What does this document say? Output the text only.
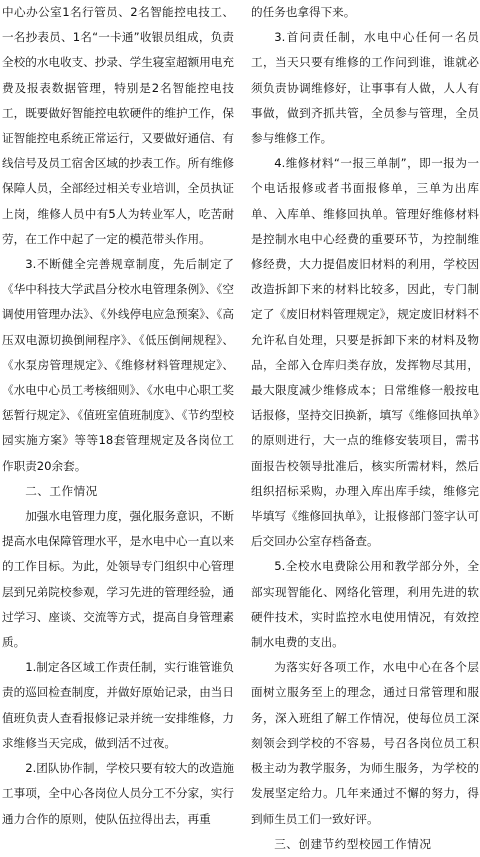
中心办公室1名行管员、2名智能控电技工、一名抄表员、1名“一卡通”收银员组成，负责全校的水电收支、抄录、学生寝室超额用电充费及报表数据管理，特别是2名智能控电技工，既要做好智能控电软硬件的维护工作，保证智能控电系统正常运行，又要做好通信、有线信号及员工宿舍区域的抄表工作。所有维修保障人员，全部经过相关专业培训，全员执证上岗，维修人员中有5人为转业军人，吃苦耐劳，在工作中起了一定的模范带头作用。

3.不断健全完善规章制度，先后制定了《华中科技大学武昌分校水电管理条例》、《空调使用管理办法》、《外线停电应急预案》、《高压双电源切换倒闸程序》、《低压倒闸规程》、《水泵房管理规定》、《维修材料管理规定》、《水电中心员工考核细则》、《水电中心职工奖惩暂行规定》、《值班室值班制度》、《节约型校园实施方案》等等18套管理规定及各岗位工作职责20余套。

二、工作情况

加强水电管理力度，强化服务意识，不断提高水电保障管理水平，是水电中心一直以来的工作目标。为此，处领导专门组织中心管理层到兄弟院校参观，学习先进的管理经验，通过学习、座谈、交流等方式，提高自身管理素质。

1.制定各区域工作责任制，实行谁管谁负责的巡回检查制度，并做好原始记录，由当日值班负责人查看报修记录并统一安排维修，力求维修当天完成，做到活不过夜。

2.团队协作制，学校只要有较大的改造施工事项，全中心各岗位人员分工不分家，实行通力合作的原则，使队伍拉得出去，再重

的任务也拿得下来。

3.首问责任制，水电中心任何一名员工，当天只要有维修的工作问到谁，谁就必须负责协调维修好，让事事有人做，人人有事做，做到齐抓共管，全员参与管理，全员参与维修工作。

4.维修材料“一报三单制”，即一报为一个电话报修或者书面报修单，三单为出库单、入库单、维修回执单。管理好维修材料是控制水电中心经费的重要环节，为控制维修经费，大力提倡废旧材料的利用，学校因改造拆卸下来的材料比较多，因此，专门制定了《废旧材料管理规定》，规定废旧材料不允许私自处理，只要是拆卸下来的材料及物品，全部入仓库归类存放，发挥物尽其用，最大限度减少维修成本；日常维修一般按电话报修，坚持交旧换新，填写《维修回执单》的原则进行，大一点的维修安装项目，需书面报告校领导批准后，核实所需材料，然后组织招标采购，办理入库出库手续，维修完毕填写《维修回执单》，让报修部门签字认可后交回办公室存档备查。

5.全校水电费除公用和教学部分外，全部实现智能化、网络化管理，利用先进的软硬件技术，实时监控水电使用情况，有效控制水电费的支出。

为落实好各项工作，水电中心在各个层面树立服务至上的理念，通过日常管理和服务，深入班组了解工作情况，使每位员工深刻领会到学校的不容易，号召各岗位员工积极主动为教学服务，为师生服务，为学校的发展坚定给力。几年来通过不懈的努力，得到师生员工们一致好评。

三、创建节约型校园工作情况
